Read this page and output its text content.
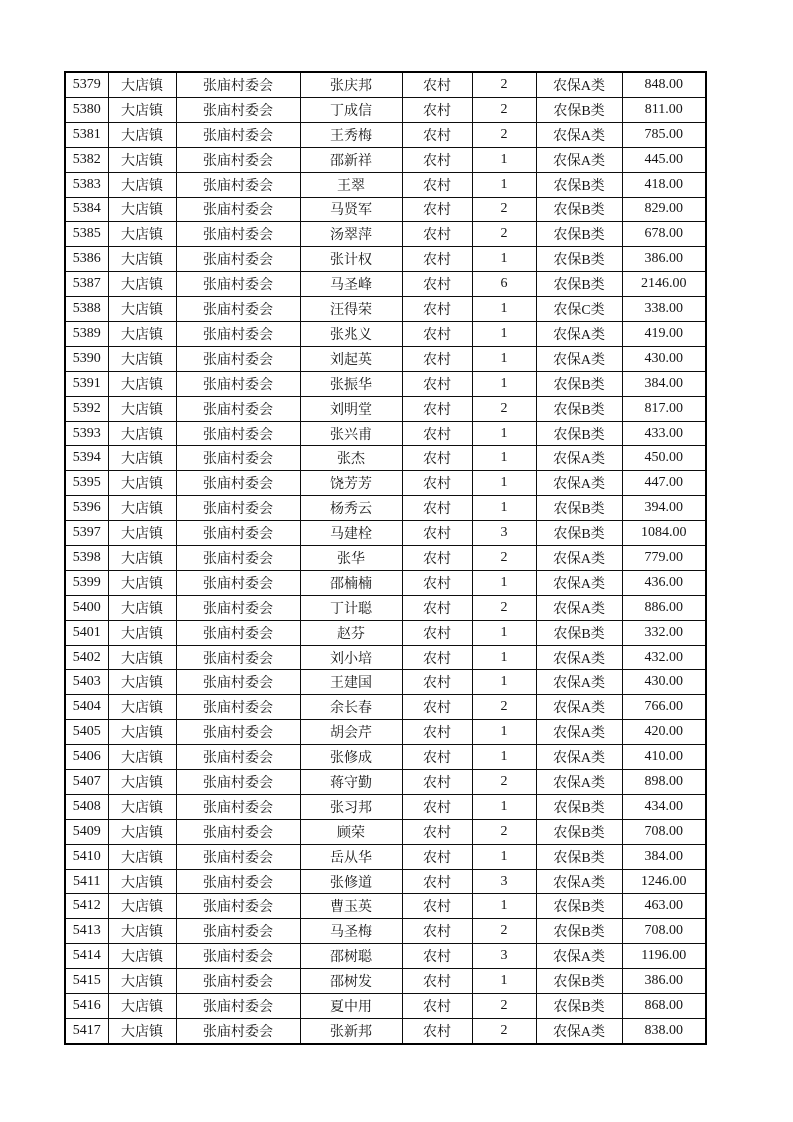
5379	大店镇	张庙村委会	张庆邦	农村	2	农保A类	848.00
5380	大店镇	张庙村委会	丁成信	农村	2	农保B类	811.00
5381	大店镇	张庙村委会	王秀梅	农村	2	农保A类	785.00
5382	大店镇	张庙村委会	邵新祥	农村	1	农保A类	445.00
5383	大店镇	张庙村委会	王翠	农村	1	农保B类	418.00
5384	大店镇	张庙村委会	马贤军	农村	2	农保B类	829.00
5385	大店镇	张庙村委会	汤翠萍	农村	2	农保B类	678.00
5386	大店镇	张庙村委会	张计权	农村	1	农保B类	386.00
5387	大店镇	张庙村委会	马圣峰	农村	6	农保B类	2146.00
5388	大店镇	张庙村委会	汪得荣	农村	1	农保C类	338.00
5389	大店镇	张庙村委会	张兆义	农村	1	农保A类	419.00
5390	大店镇	张庙村委会	刘起英	农村	1	农保A类	430.00
5391	大店镇	张庙村委会	张振华	农村	1	农保B类	384.00
5392	大店镇	张庙村委会	刘明堂	农村	2	农保B类	817.00
5393	大店镇	张庙村委会	张兴甫	农村	1	农保B类	433.00
5394	大店镇	张庙村委会	张杰	农村	1	农保A类	450.00
5395	大店镇	张庙村委会	饶芳芳	农村	1	农保A类	447.00
5396	大店镇	张庙村委会	杨秀云	农村	1	农保B类	394.00
5397	大店镇	张庙村委会	马建栓	农村	3	农保B类	1084.00
5398	大店镇	张庙村委会	张华	农村	2	农保A类	779.00
5399	大店镇	张庙村委会	邵楠楠	农村	1	农保A类	436.00
5400	大店镇	张庙村委会	丁计聪	农村	2	农保A类	886.00
5401	大店镇	张庙村委会	赵芬	农村	1	农保B类	332.00
5402	大店镇	张庙村委会	刘小培	农村	1	农保A类	432.00
5403	大店镇	张庙村委会	王建国	农村	1	农保A类	430.00
5404	大店镇	张庙村委会	余长春	农村	2	农保A类	766.00
5405	大店镇	张庙村委会	胡会芹	农村	1	农保A类	420.00
5406	大店镇	张庙村委会	张修成	农村	1	农保A类	410.00
5407	大店镇	张庙村委会	蒋守勤	农村	2	农保A类	898.00
5408	大店镇	张庙村委会	张习邦	农村	1	农保B类	434.00
5409	大店镇	张庙村委会	顾荣	农村	2	农保B类	708.00
5410	大店镇	张庙村委会	岳从华	农村	1	农保B类	384.00
5411	大店镇	张庙村委会	张修道	农村	3	农保A类	1246.00
5412	大店镇	张庙村委会	曹玉英	农村	1	农保B类	463.00
5413	大店镇	张庙村委会	马圣梅	农村	2	农保B类	708.00
5414	大店镇	张庙村委会	邵树聪	农村	3	农保A类	1196.00
5415	大店镇	张庙村委会	邵树发	农村	1	农保B类	386.00
5416	大店镇	张庙村委会	夏中用	农村	2	农保B类	868.00
5417	大店镇	张庙村委会	张新邦	农村	2	农保A类	838.00
